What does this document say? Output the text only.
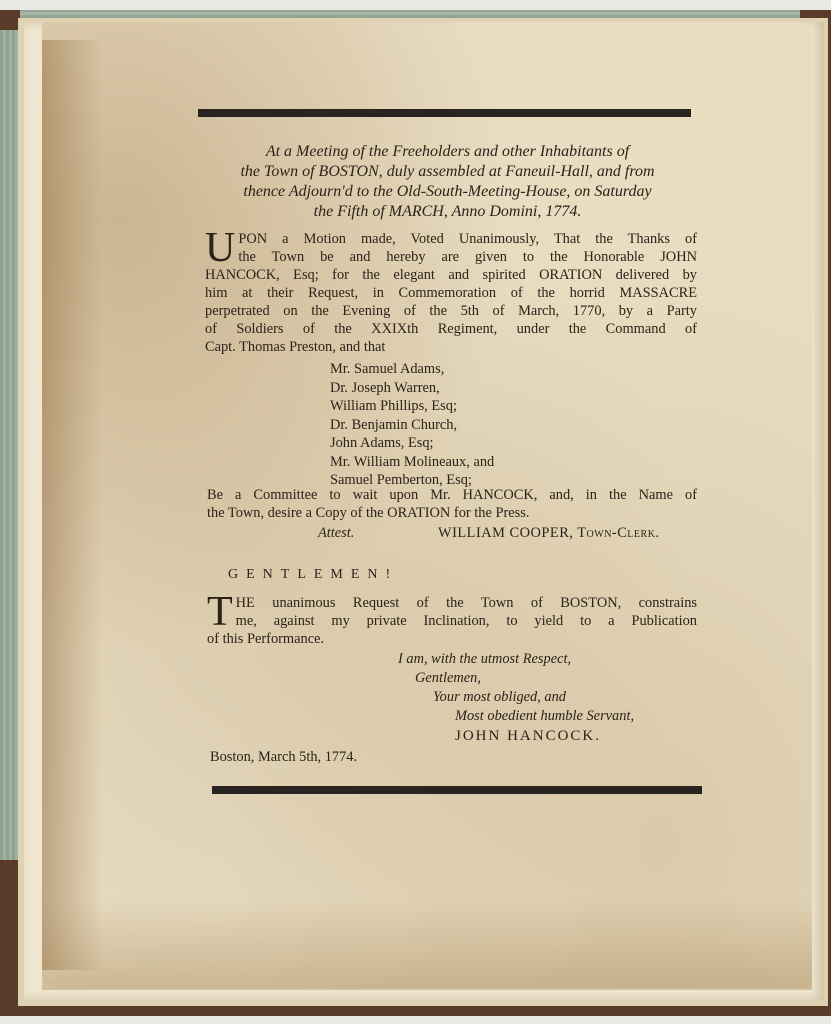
At a Meeting of the Freeholders and other Inhabitants of
the Town of BOSTON, duly assembled at Faneuil-Hall, and from
thence Adjourn'd to the Old-South-Meeting-House, on Saturday
the Fifth of MARCH, Anno Domini, 1774.
U PON a Motion made, Voted Unanimously, That the Thanks of
the Town be and hereby are given to the Honorable JOHN
HANCOCK, Esq; for the elegant and spirited ORATION delivered by
him at their Request, in Commemoration of the horrid MASSACRE
perpetrated on the Evening of the 5th of March, 1770, by a Party
of Soldiers of the XXIXth Regiment, under the Command of
Capt. Thomas Preston, and that
Mr. Samuel Adams,
Dr. Joseph Warren,
William Phillips, Esq;
Dr. Benjamin Church,
John Adams, Esq;
Mr. William Molineaux, and
Samuel Pemberton, Esq;
Be a Committee to wait upon Mr. HANCOCK, and, in the Name of
the Town, desire a Copy of the ORATION for the Press.
Attest.	WILLIAM COOPER, Town-Clerk.
GENTLEMEN!
T HE unanimous Request of the Town of BOSTON, constrains
me, against my private Inclination, to yield to a Publication
of this Performance.
I am, with the utmost Respect,
Gentlemen,
Your most obliged, and
Most obedient humble Servant,
JOHN HANCOCK.
Boston, March 5th, 1774.
